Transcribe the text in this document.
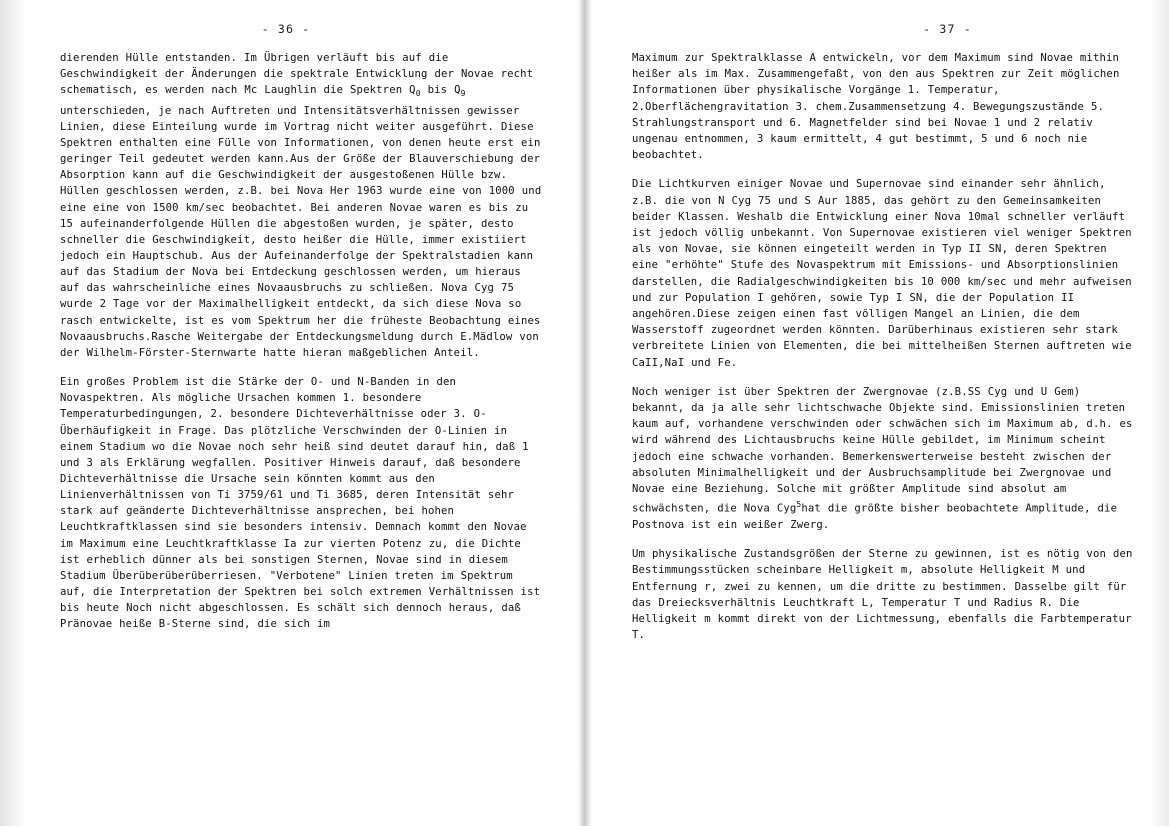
- 36 -

dierenden Hülle entstanden. Im Übrigen verläuft bis auf die Geschwindigkeit der Änderungen die spektrale Entwicklung der Novae recht schematisch, es werden nach Mc Laughlin die Spektren $Q_0$ bis $Q_9$ unterschieden, je nach Auftreten und Intensitätsverhältnissen gewisser Linien, diese Einteilung wurde im Vortrag nicht weiter ausgeführt. Diese Spektren enthalten eine Fülle von Informationen, von denen heute erst ein geringer Teil gedeutet werden kann.Aus der Größe der Blauverschiebung der Absorption kann auf die Geschwindigkeit der ausgestoßenen Hülle bzw. Hüllen geschlossen werden, z.B. bei Nova Her 1963 wurde eine von 1000 und eine eine von 1500 km/sec beobachtet. Bei anderen Novae waren es bis zu 15 aufeinanderfolgende Hüllen die abgestoßen wurden, je später, desto schneller die Geschwindigkeit, desto heißer die Hülle, immer existiiert jedoch ein Hauptschub. Aus der Aufeinanderfolge der Spektralstadien kann auf das Stadium der Nova bei Entdeckung geschlossen werden, um hieraus auf das wahrscheinliche eines Novaausbruchs zu schließen. Nova Cyg 75 wurde 2 Tage vor der Maximalhelligkeit entdeckt, da sich diese Nova so rasch entwickelte, ist es vom Spektrum her die früheste Beobachtung eines Novaausbruchs.Rasche Weitergabe der Entdeckungsmeldung durch E.Mädlow von der Wilhelm-Förster-Sternwarte hatte hieran maßgeblichen Anteil.

Ein großes Problem ist die Stärke der O- und N-Banden in den Novaspektren. Als mögliche Ursachen kommen 1. besondere Temperaturbedingungen, 2. besondere Dichteverhältnisse oder 3. O-Überhäufigkeit in Frage. Das plötzliche Verschwinden der O-Linien in einem Stadium wo die Novae noch sehr heiß sind deutet darauf hin, daß 1 und 3 als Erklärung wegfallen. Positiver Hinweis darauf, daß besondere Dichteverhältnisse die Ursache sein könnten kommt aus den Linienverhältnissen von Ti 3759/61 und Ti 3685, deren Intensität sehr stark auf geänderte Dichteverhältnisse ansprechen, bei hohen Leuchtkraftklassen sind sie besonders intensiv. Demnach kommt den Novae im Maximum eine Leuchtkraftklasse Ia zur vierten Potenz zu, die Dichte ist erheblich dünner als bei sonstigen Sternen, Novae sind in diesem Stadium Überüberüberüberriesen. "Verbotene" Linien treten im Spektrum auf, die Interpretation der Spektren bei solch extremen Verhältnissen ist bis heute Noch nicht abgeschlossen. Es schält sich dennoch heraus, daß Pränovae heiße B-Sterne sind, die sich im

- 37 -

Maximum zur Spektralklasse A entwickeln, vor dem Maximum sind Novae mithin heißer als im Max. Zusammengefaßt, von den aus Spektren zur Zeit möglichen Informationen über physikalische Vorgänge 1. Temperatur, 2.Oberflächengravitation 3. chem.Zusammensetzung 4. Bewegungszustände 5. Strahlungstransport und 6. Magnetfelder sind bei Novae 1 und 2 relativ ungenau entnommen, 3 kaum ermittelt, 4 gut bestimmt, 5 und 6 noch nie beobachtet.

Die Lichtkurven einiger Novae und Supernovae sind einander sehr ähnlich, z.B. die von N Cyg 75 und S Aur 1885, das gehört zu den Gemeinsamkeiten beider Klassen. Weshalb die Entwicklung einer Nova 10mal schneller verläuft ist jedoch völlig unbekannt. Von Supernovae existieren viel weniger Spektren als von Novae, sie können eingeteilt werden in Typ II SN, deren Spektren eine "erhöhte" Stufe des Novaspektrum mit Emissions- und Absorptionslinien darstellen, die Radialgeschwindigkeiten bis 10 000 km/sec und mehr aufweisen und zur Population I gehören, sowie Typ I SN, die der Population II angehören.Diese zeigen einen fast völligen Mangel an Linien, die dem Wasserstoff zugeordnet werden könnten. Darüberhinaus existieren sehr stark verbreitete Linien von Elementen, die bei mittelheißen Sternen auftreten wie CaII,NaI und Fe.

Noch weniger ist über Spektren der Zwergnovae (z.B.SS Cyg und U Gem) bekannt, da ja alle sehr lichtschwache Objekte sind. Emissionslinien treten kaum auf, vorhandene verschwinden oder schwächen sich im Maximum ab, d.h. es wird während des Lichtausbruchs keine Hülle gebildet, im Minimum scheint jedoch eine schwache vorhanden. Bemerkenswerterweise besteht zwischen der absoluten Minimalhelligkeit und der Ausbruchsamplitude bei Zwergnovae und Novae eine Beziehung. Solche mit größter Amplitude sind absolut am schwächsten, die Nova Cyg$^5$hat die größte bisher beobachtete Amplitude, die Postnova ist ein weißer Zwerg.

Um physikalische Zustandsgrößen der Sterne zu gewinnen, ist es nötig von den Bestimmungsstücken scheinbare Helligkeit m, absolute Helligkeit M und Entfernung r, zwei zu kennen, um die dritte zu bestimmen. Dasselbe gilt für das Dreiecksverhältnis Leuchtkraft L, Temperatur T und Radius R. Die Helligkeit m kommt direkt von der Lichtmessung, ebenfalls die Farbtemperatur T.
